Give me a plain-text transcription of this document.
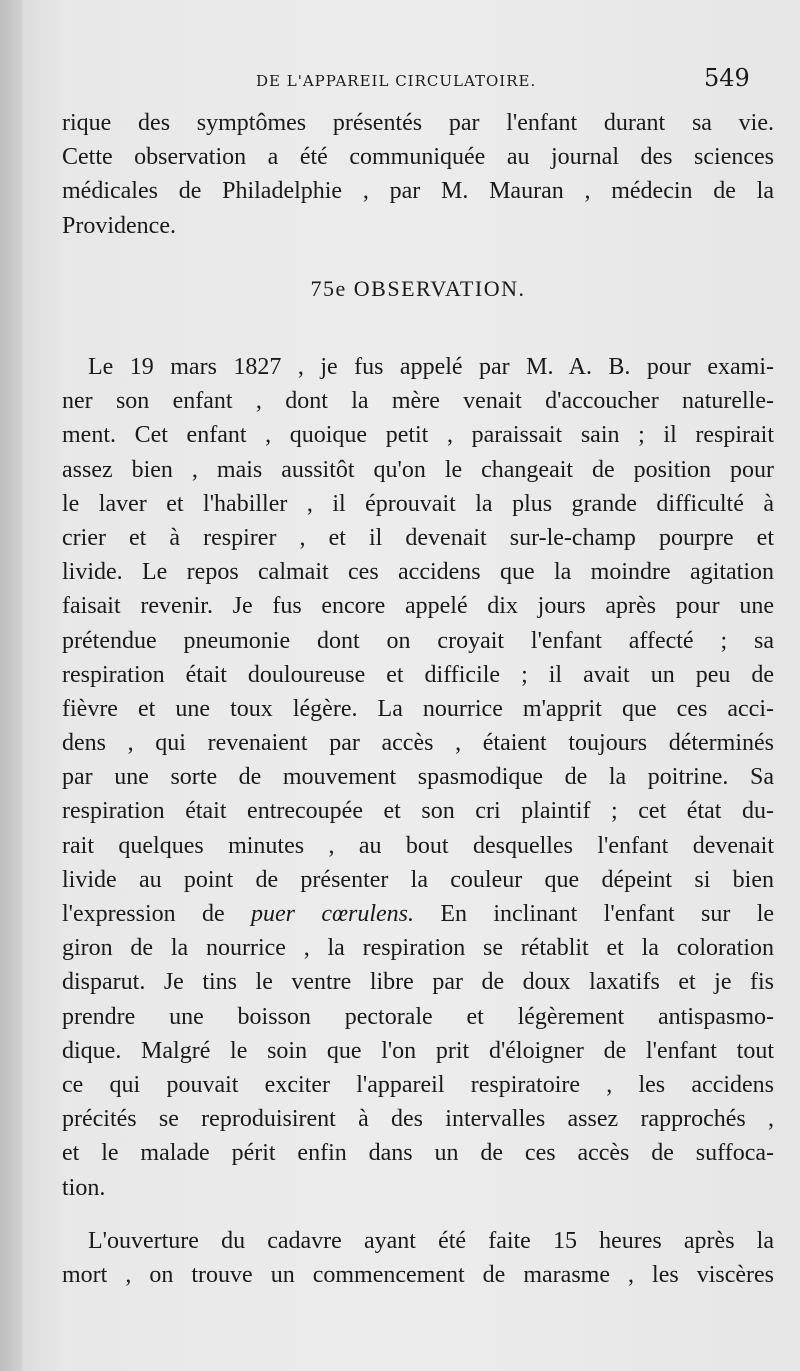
DE L'APPAREIL CIRCULATOIRE.	549
rique des symptômes présentés par l'enfant durant sa vie.
Cette observation a été communiquée au journal des sciences
médicales de Philadelphie , par M. Mauran , médecin de la
Providence.
75e OBSERVATION.
Le 19 mars 1827 , je fus appelé par M. A. B. pour exami-
ner son enfant , dont la mère venait d'accoucher naturelle-
ment. Cet enfant , quoique petit , paraissait sain ; il respirait
assez bien , mais aussitôt qu'on le changeait de position pour
le laver et l'habiller , il éprouvait la plus grande difficulté à
crier et à respirer , et il devenait sur-le-champ pourpre et
livide. Le repos calmait ces accidens que la moindre agitation
faisait revenir. Je fus encore appelé dix jours après pour une
prétendue pneumonie dont on croyait l'enfant affecté ; sa
respiration était douloureuse et difficile ; il avait un peu de
fièvre et une toux légère. La nourrice m'apprit que ces acci-
dens , qui revenaient par accès , étaient toujours déterminés
par une sorte de mouvement spasmodique de la poitrine. Sa
respiration était entrecoupée et son cri plaintif ; cet état du-
rait quelques minutes , au bout desquelles l'enfant devenait
livide au point de présenter la couleur que dépeint si bien
l'expression de puer cœrulens. En inclinant l'enfant sur le
giron de la nourrice , la respiration se rétablit et la coloration
disparut. Je tins le ventre libre par de doux laxatifs et je fis
prendre une boisson pectorale et légèrement antispasmo-
dique. Malgré le soin que l'on prit d'éloigner de l'enfant tout
ce qui pouvait exciter l'appareil respiratoire , les accidens
précités se reproduisirent à des intervalles assez rapprochés ,
et le malade périt enfin dans un de ces accès de suffoca-
tion.
L'ouverture du cadavre ayant été faite 15 heures après la
mort , on trouve un commencement de marasme , les viscères
